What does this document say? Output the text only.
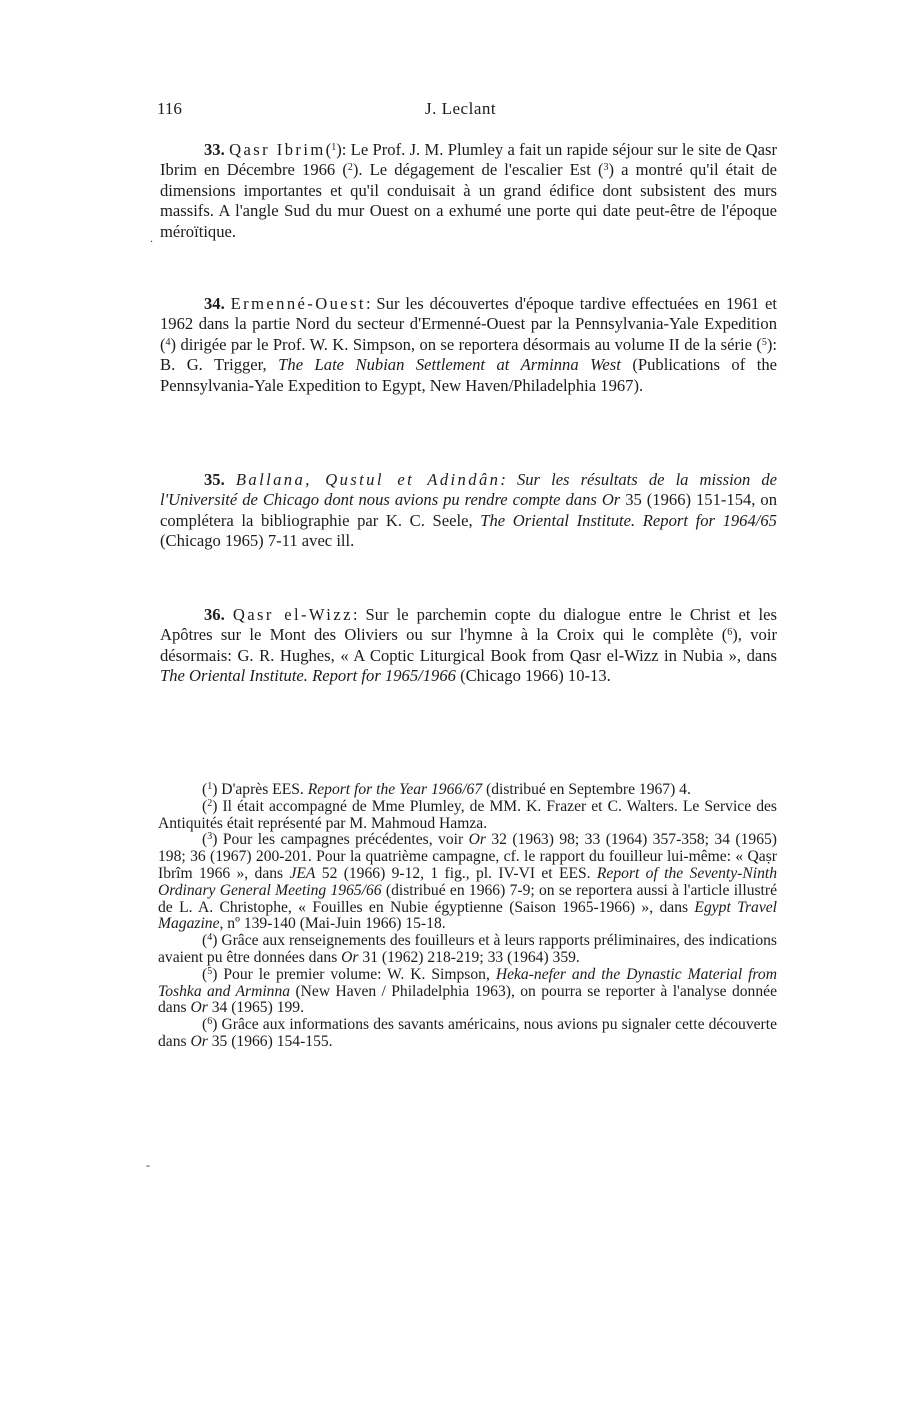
116	J. Leclant
.
-

33. Qasr Ibrim($^1$): Le Prof. J. M. Plumley a fait un rapide séjour sur le site de Qasr Ibrim en Décembre 1966 ($^2$). Le dégagement de l'escalier Est ($^3$) a montré qu'il était de dimensions importantes et qu'il conduisait à un grand édifice dont subsistent des murs massifs. A l'angle Sud du mur Ouest on a exhumé une porte qui date peut-être de l'époque méroïtique.

34. Ermenné-Ouest: Sur les découvertes d'époque tardive effectuées en 1961 et 1962 dans la partie Nord du secteur d'Ermenné-Ouest par la Pennsylvania-Yale Expedition ($^4$) dirigée par le Prof. W. K. Simpson, on se reportera désormais au volume II de la série ($^5$): B. G. Trigger, The Late Nubian Settlement at Arminna West (Publications of the Pennsylvania-Yale Expedition to Egypt, New Haven/Philadelphia 1967).

35. Ballana, Qustul et Adindân: Sur les résultats de la mission de l'Université de Chicago dont nous avions pu rendre compte dans Or 35 (1966) 151-154, on complétera la bibliographie par K. C. Seele, The Oriental Institute. Report for 1964/65 (Chicago 1965) 7-11 avec ill.

36. Qasr el-Wizz: Sur le parchemin copte du dialogue entre le Christ et les Apôtres sur le Mont des Oliviers ou sur l'hymne à la Croix qui le complète ($^6$), voir désormais: G. R. Hughes, « A Coptic Liturgical Book from Qasr el-Wizz in Nubia », dans The Oriental Institute. Report for 1965/1966 (Chicago 1966) 10-13.

($^1$) D'après EES. Report for the Year 1966/67 (distribué en Septembre 1967) 4.

($^2$) Il était accompagné de Mme Plumley, de MM. K. Frazer et C. Walters. Le Service des Antiquités était représenté par M. Mahmoud Hamza.

($^3$) Pour les campagnes précédentes, voir Or 32 (1963) 98; 33 (1964) 357-358; 34 (1965) 198; 36 (1967) 200-201. Pour la quatrième campagne, cf. le rapport du fouilleur lui-même: « Qaṣr Ibrîm 1966 », dans JEA 52 (1966) 9-12, 1 fig., pl. IV-VI et EES. Report of the Seventy-Ninth Ordinary General Meeting 1965/66 (distribué en 1966) 7-9; on se reportera aussi à l'article illustré de L. A. Christophe, « Fouilles en Nubie égyptienne (Saison 1965-1966) », dans Egypt Travel Magazine, nº 139-140 (Mai-Juin 1966) 15-18.

($^4$) Grâce aux renseignements des fouilleurs et à leurs rapports préliminaires, des indications avaient pu être données dans Or 31 (1962) 218-219; 33 (1964) 359.

($^5$) Pour le premier volume: W. K. Simpson, Heka-nefer and the Dynastic Material from Toshka and Arminna (New Haven / Philadelphia 1963), on pourra se reporter à l'analyse donnée dans Or 34 (1965) 199.

($^6$) Grâce aux informations des savants américains, nous avions pu signaler cette découverte dans Or 35 (1966) 154-155.
